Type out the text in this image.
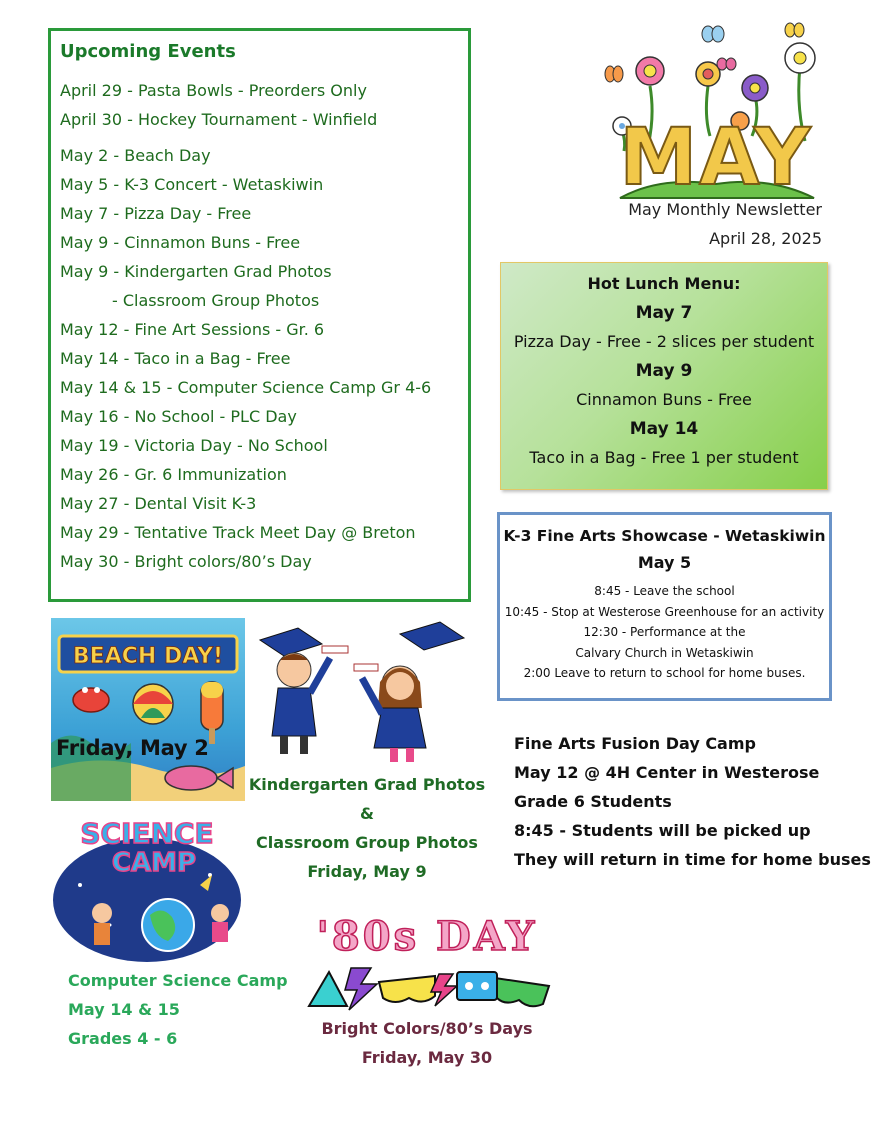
Upcoming Events
April 29 - Pasta Bowls - Preorders Only
April 30 - Hockey Tournament - Winfield
May 2 - Beach Day
May 5 - K-3 Concert - Wetaskiwin
May 7 - Pizza Day - Free
May 9 - Cinnamon Buns - Free
May 9 - Kindergarten Grad Photos
- Classroom Group Photos
May 12 - Fine Art Sessions - Gr. 6
May 14 - Taco in a Bag - Free
May 14 & 15 - Computer Science Camp Gr 4-6
May 16 - No School - PLC Day
May 19 - Victoria Day - No School
May 26 - Gr. 6 Immunization
May 27 - Dental Visit K-3
May 29 - Tentative Track Meet Day @ Breton
May 30 - Bright colors/80’s Day
MAY
May Monthly Newsletter
April 28, 2025
Hot Lunch Menu:
May 7
Pizza Day - Free - 2 slices per student
May 9
Cinnamon Buns - Free
May 14
Taco in a Bag - Free 1 per student
K-3 Fine Arts Showcase - Wetaskiwin
May 5
8:45 - Leave the school
10:45 - Stop at Westerose Greenhouse for an activity
12:30 - Performance at the
Calvary Church in Wetaskiwin
2:00 Leave to return to school for home buses.
BEACH DAY!
Friday, May 2
Kindergarten Grad Photos &
Classroom Group Photos
Friday, May 9
Fine Arts Fusion Day Camp
May 12 @ 4H Center in Westerose
Grade 6 Students
8:45 - Students will be picked up
They will return in time for home buses
SCIENCE
CAMP
Computer Science Camp
May 14 & 15
Grades 4 - 6
'80s DAY
Bright Colors/80’s Days
Friday, May 30
